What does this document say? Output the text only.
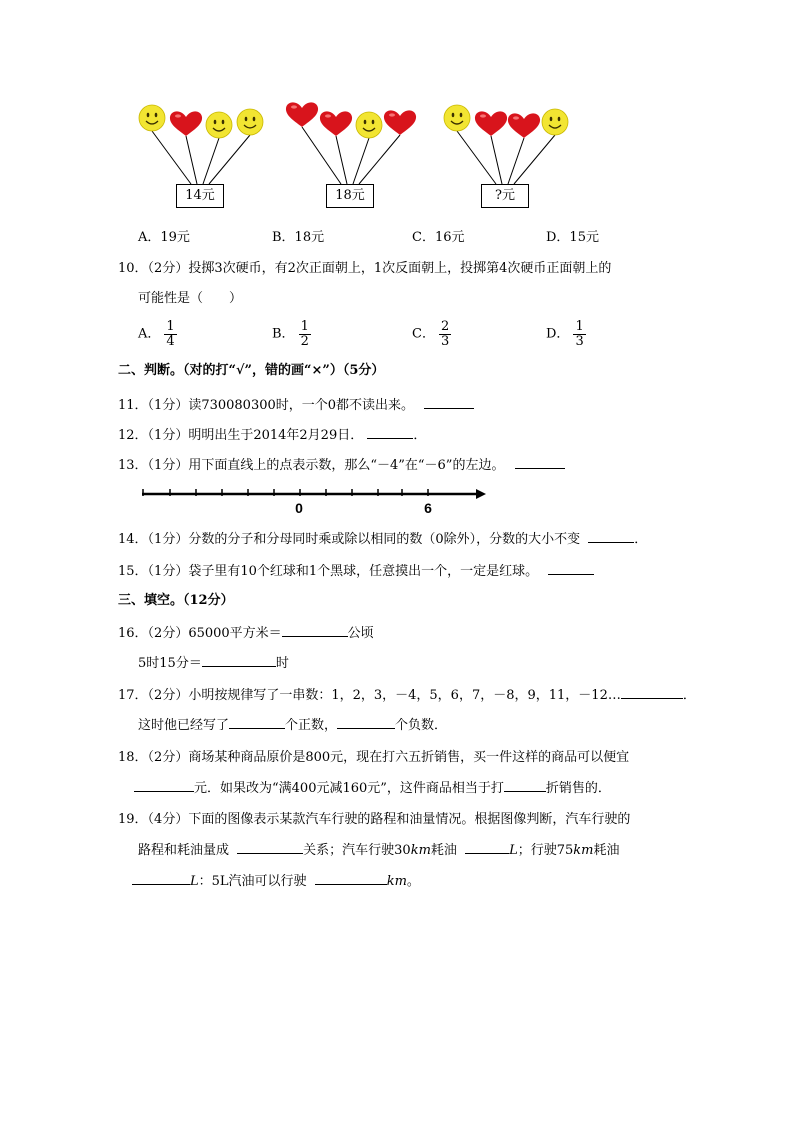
14元	18元	?元
A．19元	B．18元	C．16元	D．15元
10．（2分）投掷3次硬币，有2次正面朝上，1次反面朝上，投掷第4次硬币正面朝上的
可能性是（　　）
A． $\frac{1}{4}$	B． $\frac{1}{2}$	C． $\frac{2}{3}$	D． $\frac{1}{3}$
二、判断。（对的打“√”，错的画“×”）（5分）
11．（1分）读730080300时，一个0都不读出来。
12．（1分）明明出生于2014年2月29日．	．
13．（1分）用下面直线上的点表示数，那么“－4”在“－6”的左边。
0	6
14．（1分）分数的分子和分母同时乘或除以相同的数（0除外），分数的大小不变	．
15．（1分）袋子里有10个红球和1个黑球，任意摸出一个，一定是红球。
三、填空。（12分）
16．（2分）65000平方米＝	公顷
5时15分＝	时
17．（2分）小明按规律写了一串数：1，2，3，－4，5，6，7，－8，9，11，－12…	．
这时他已经写了	个正数，	个负数．
18．（2分）商场某种商品原价是800元，现在打六五折销售，买一件这样的商品可以便宜
元．如果改为“满400元减160元”，这件商品相当于打	折销售的．
19．（4分）下面的图像表示某款汽车行驶的路程和油量情况。根据图像判断，汽车行驶的
路程和耗油量成	关系；汽车行驶30km耗油	L；行驶75km耗油
L：5L汽油可以行驶	km。
